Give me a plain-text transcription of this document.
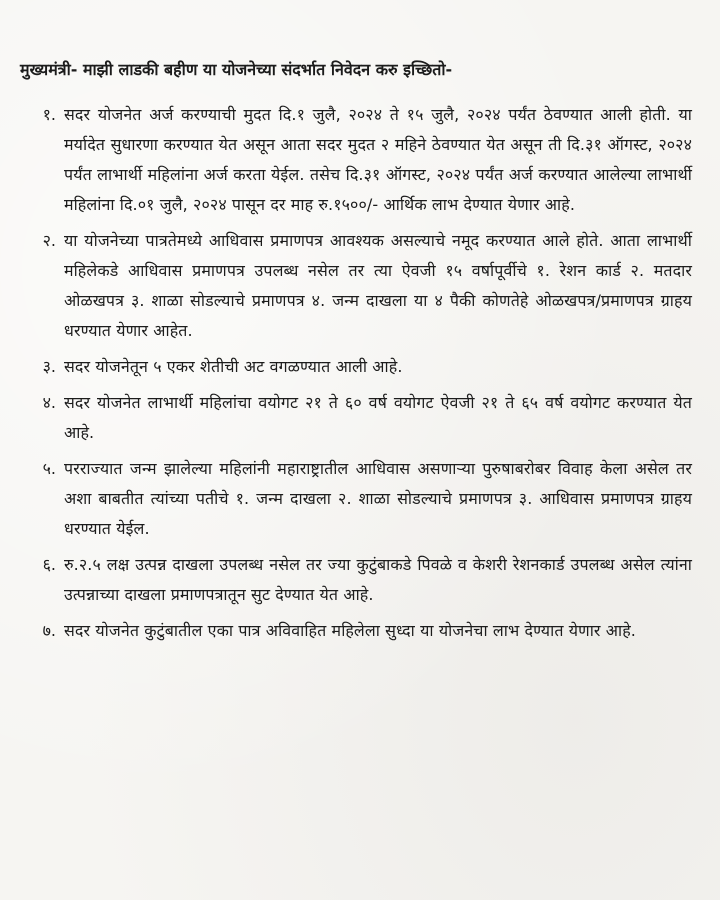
मुख्यमंत्री- माझी लाडकी बहीण या योजनेच्या संदर्भात निवेदन करु इच्छितो-
१. सदर योजनेत अर्ज करण्याची मुदत दि.१ जुलै, २०२४ ते १५ जुलै, २०२४ पर्यंत ठेवण्यात आली होती. या मर्यादेत सुधारणा करण्यात येत असून आता सदर मुदत २ महिने ठेवण्यात येत असून ती दि.३१ ऑगस्ट, २०२४ पर्यंत लाभार्थी महिलांना अर्ज करता येईल. तसेच दि.३१ ऑगस्ट, २०२४ पर्यंत अर्ज करण्यात आलेल्या लाभार्थी महिलांना दि.०१ जुलै, २०२४ पासून दर माह रु.१५००/- आर्थिक लाभ देण्यात येणार आहे.
२. या योजनेच्या पात्रतेमध्ये आधिवास प्रमाणपत्र आवश्यक असल्याचे नमूद करण्यात आले होते. आता लाभार्थी महिलेकडे आधिवास प्रमाणपत्र उपलब्ध नसेल तर त्या ऐवजी १५ वर्षापूर्वीचे १. रेशन कार्ड २. मतदार ओळखपत्र ३. शाळा सोडल्याचे प्रमाणपत्र ४. जन्म दाखला या ४ पैकी कोणतेहे ओळखपत्र/प्रमाणपत्र ग्राहय धरण्यात येणार आहेत.
३. सदर योजनेतून ५ एकर शेतीची अट वगळण्यात आली आहे.
४. सदर योजनेत लाभार्थी महिलांचा वयोगट २१ ते ६० वर्ष वयोगट ऐवजी २१ ते ६५ वर्ष वयोगट करण्यात येत आहे.
५. परराज्यात जन्म झालेल्या महिलांनी महाराष्ट्रातील आधिवास असणाऱ्या पुरुषाबरोबर विवाह केला असेल तर अशा बाबतीत त्यांच्या पतीचे १. जन्म दाखला २. शाळा सोडल्याचे प्रमाणपत्र ३. आधिवास प्रमाणपत्र ग्राहय धरण्यात येईल.
६. रु.२.५ लक्ष उत्पन्न दाखला उपलब्ध नसेल तर ज्या कुटुंबाकडे पिवळे व केशरी रेशनकार्ड उपलब्ध असेल त्यांना उत्पन्नाच्या दाखला प्रमाणपत्रातून सुट देण्यात येत आहे.
७. सदर योजनेत कुटुंबातील एका पात्र अविवाहित महिलेला सुध्दा या योजनेचा लाभ देण्यात येणार आहे.
